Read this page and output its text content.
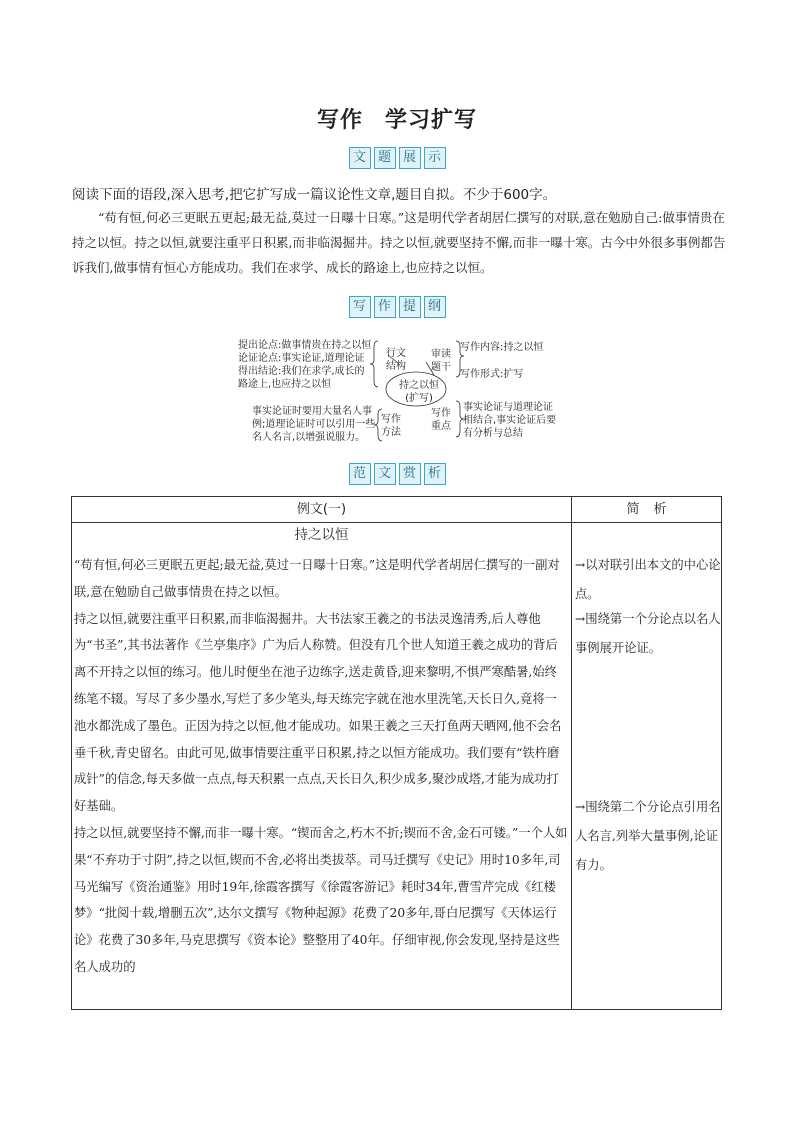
写作 学习扩写
文 题 展 示
阅读下面的语段,深入思考,把它扩写成一篇议论性文章,题目自拟。不少于600字。
“苟有恒,何必三更眠五更起;最无益,莫过一日曝十日寒。”这是明代学者胡居仁撰写的对联,意在勉励自己:做事情贵在持之以恒。持之以恒,就要注重平日积累,而非临渴掘井。持之以恒,就要坚持不懈,而非一曝十寒。古今中外很多事例都告诉我们,做事情有恒心方能成功。我们在求学、成长的路途上,也应持之以恒。
写 作 提 纲
提出论点:做事情贵在持之以恒
论证论点:事实论证,道理论证
得出结论:我们在求学,成长的
路途上,也应持之以恒
行文
结构
审读
题干
写作内容:持之以恒
写作形式:扩写
持之以恒
(扩写)
事实论证时要用大量名人事
例;道理论证时可以引用一些
名人名言,以增强说服力。
写作
方法
写作
重点
事实论证与道理论证
相结合,事实论证后要
有分析与总结
范 文 赏 析
例文(一)	简析
持之以恒

“苟有恒,何必三更眠五更起;最无益,莫过一日曝十日寒。”这是明代学者胡居仁撰写的一副对联,意在勉励自己做事情贵在持之以恒。

持之以恒,就要注重平日积累,而非临渴掘井。大书法家王羲之的书法灵逸清秀,后人尊他为“书圣”,其书法著作《兰亭集序》广为后人称赞。但没有几个世人知道王羲之成功的背后离不开持之以恒的练习。他儿时便坐在池子边练字,送走黄昏,迎来黎明,不惧严寒酷暑,始终练笔不辍。写尽了多少墨水,写烂了多少笔头,每天练完字就在池水里洗笔,天长日久,竟将一池水都洗成了墨色。正因为持之以恒,他才能成功。如果王羲之三天打鱼两天晒网,他不会名垂千秋,青史留名。由此可见,做事情要注重平日积累,持之以恒方能成功。我们要有“铁杵磨成针”的信念,每天多做一点点,每天积累一点点,天长日久,积少成多,聚沙成塔,才能为成功打好基础。

持之以恒,就要坚持不懈,而非一曝十寒。“锲而舍之,朽木不折;锲而不舍,金石可镂。”一个人如果“不弃功于寸阴”,持之以恒,锲而不舍,必将出类拔萃。司马迁撰写《史记》用时10多年,司马光编写《资治通鉴》用时19年,徐霞客撰写《徐霞客游记》耗时34年,曹雪芹完成《红楼梦》“批阅十载,增删五次”,达尔文撰写《物种起源》花费了20多年,哥白尼撰写《天体运行论》花费了30多年,马克思撰写《资本论》整整用了40年。仔细审视,你会发现,坚持是这些名人成功的

→以对联引出本文的中心论点。
→围绕第一个分论点以名人事例展开论证。
→围绕第二个分论点引用名人名言,列举大量事例,论证有力。
